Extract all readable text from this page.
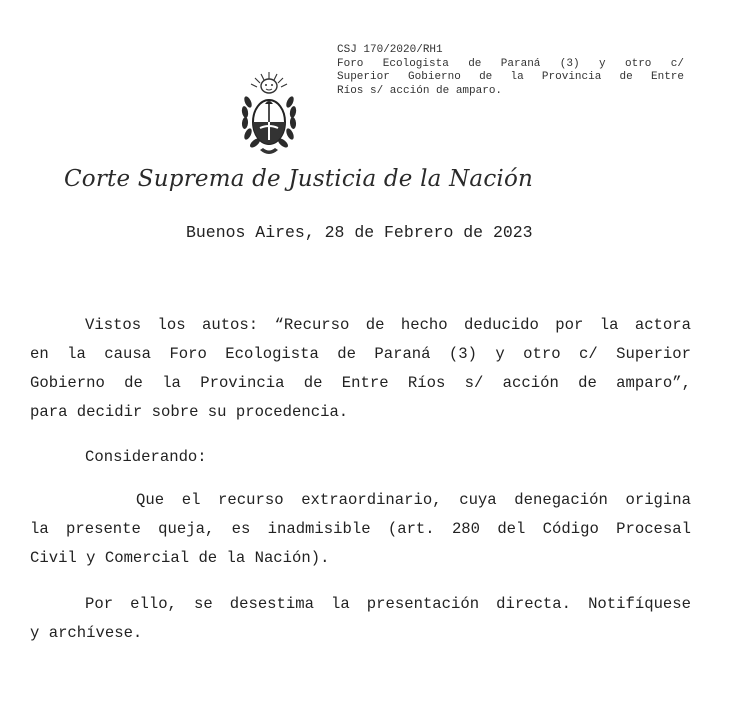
CSJ 170/2020/RH1
Foro Ecologista de Paraná (3) y otro c/
Superior Gobierno de la Provincia de Entre
Ríos s/ acción de amparo.
Corte Suprema de Justicia de la Nación
Buenos Aires, 28 de Febrero de 2023
Vistos los autos: “Recurso de hecho deducido por la actora
en la causa Foro Ecologista de Paraná (3) y otro c/ Superior
Gobierno de la Provincia de Entre Ríos s/ acción de amparo”,
para decidir sobre su procedencia.
Considerando:
Que el recurso extraordinario, cuya denegación origina
la presente queja, es inadmisible (art. 280 del Código Procesal
Civil y Comercial de la Nación).
Por ello, se desestima la presentación directa. Notifíquese
y archívese.
